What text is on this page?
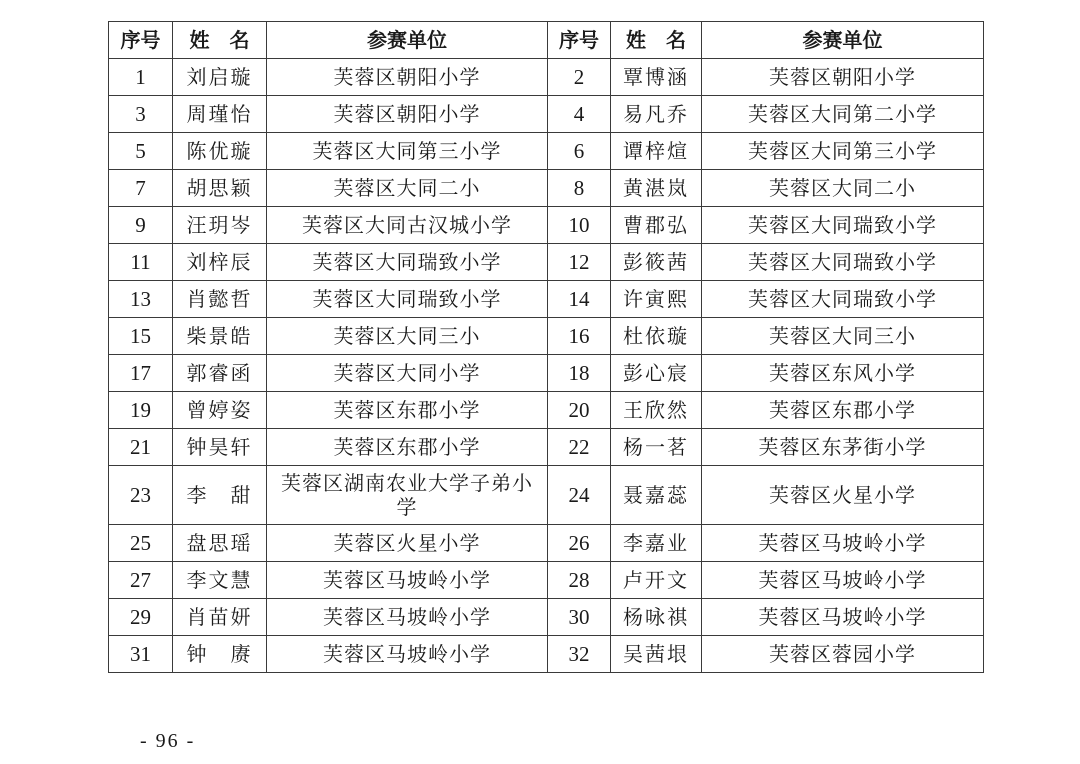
序号	姓　名	参赛单位	序号	姓　名	参赛单位
1	刘启璇	芙蓉区朝阳小学	2	覃博涵	芙蓉区朝阳小学
3	周瑾怡	芙蓉区朝阳小学	4	易凡乔	芙蓉区大同第二小学
5	陈优璇	芙蓉区大同第三小学	6	谭梓煊	芙蓉区大同第三小学
7	胡思颖	芙蓉区大同二小	8	黄湛岚	芙蓉区大同二小
9	汪玥岑	芙蓉区大同古汉城小学	10	曹郡弘	芙蓉区大同瑞致小学
11	刘梓辰	芙蓉区大同瑞致小学	12	彭筱茜	芙蓉区大同瑞致小学
13	肖懿哲	芙蓉区大同瑞致小学	14	许寅熙	芙蓉区大同瑞致小学
15	柴景皓	芙蓉区大同三小	16	杜依璇	芙蓉区大同三小
17	郭睿函	芙蓉区大同小学	18	彭心宸	芙蓉区东风小学
19	曾婷姿	芙蓉区东郡小学	20	王欣然	芙蓉区东郡小学
21	钟昊轩	芙蓉区东郡小学	22	杨一茗	芙蓉区东茅街小学
23	李　甜	芙蓉区湖南农业大学子弟小学	24	聂嘉蕊	芙蓉区火星小学
25	盘思瑶	芙蓉区火星小学	26	李嘉业	芙蓉区马坡岭小学
27	李文慧	芙蓉区马坡岭小学	28	卢开文	芙蓉区马坡岭小学
29	肖苗妍	芙蓉区马坡岭小学	30	杨咏祺	芙蓉区马坡岭小学
31	钟　赓	芙蓉区马坡岭小学	32	吴茜垠	芙蓉区蓉园小学
- 96 -
